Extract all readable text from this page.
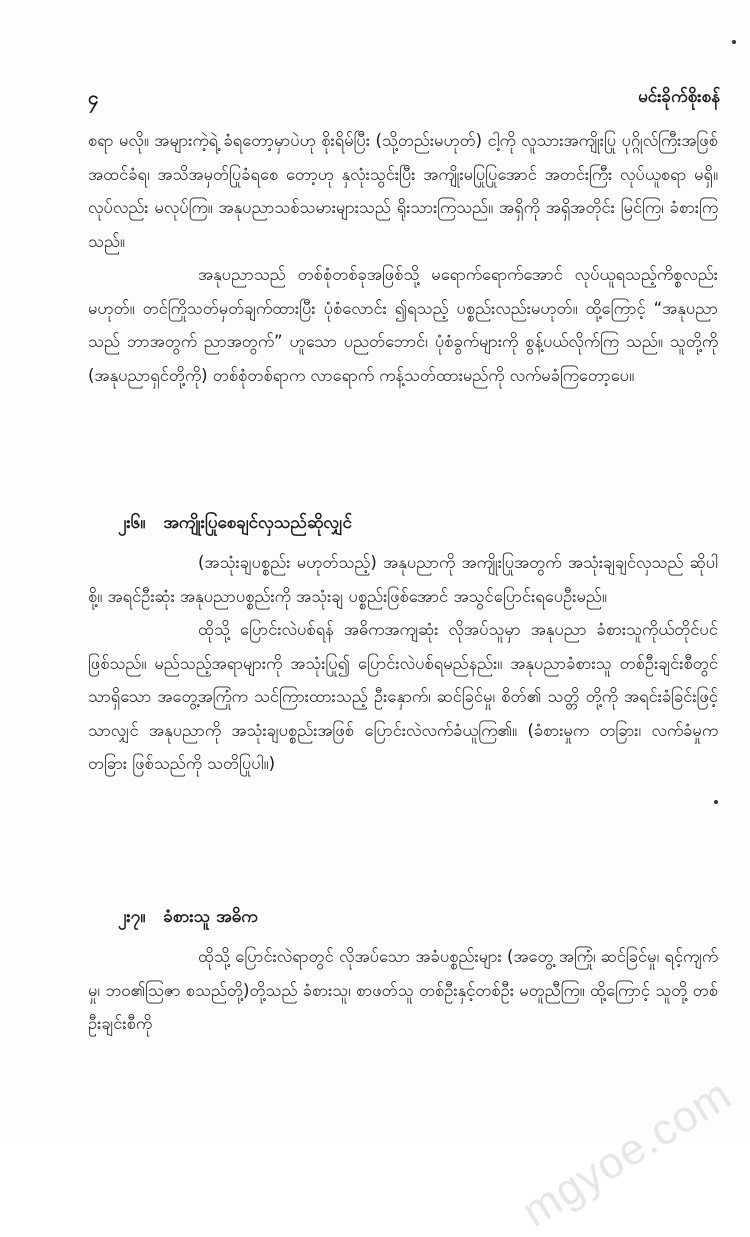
၄	မင်းခိုက်စိုးစန်

စရာ မလို။ အများကဲ့ရဲ့ ခံရတော့မှာပဲဟု စိုးရိမ်ပြီး (သို့တည်းမဟုတ်) ငါ့ကို လူသားအကျိုးပြု ပုဂ္ဂိုလ်ကြီးအဖြစ် အထင်ခံရ၊ အသိအမှတ်ပြုခံရစေ တော့ဟု နှလုံးသွင်းပြီး အကျိုးမပြုပြုအောင် အတင်းကြီး လုပ်ယူစရာ မရှိ။ လုပ်လည်း မလုပ်ကြ။ အနုပညာသစ်သမားများသည် ရိုးသားကြသည်။ အရှိကို အရှိအတိုင်း မြင်ကြ၊ ခံစားကြသည်။

အနုပညာသည် တစ်စုံတစ်ခုအဖြစ်သို့ မရောက်ရောက်အောင် လုပ်ယူရသည့်ကိစ္စလည်းမဟုတ်။ တင်ကြိုသတ်မှတ်ချက်ထားပြီး ပုံစံလောင်း ၍ရသည့် ပစ္စည်းလည်းမဟုတ်။ ထို့ကြောင့် “အနုပညာသည် ဘာအတွက် ညာအတွက်” ဟူသော ပညတ်ဘောင်၊ ပုံစံခွက်များကို စွန့်ပယ်လိုက်ကြ သည်။ သူတို့ကို (အနုပညာရှင်တို့ကို) တစ်စုံတစ်ရာက လာရောက် ကန့်သတ်ထားမည်ကို လက်မခံကြတော့ပေ။

၂း၆။ အကျိုးပြုစေချင်လှသည်ဆိုလျှင်

(အသုံးချပစ္စည်း မဟုတ်သည့်) အနုပညာကို အကျိုးပြုအတွက် အသုံးချချင်လှသည် ဆိုပါစို့။ အရင်ဦးဆုံး အနုပညာပစ္စည်းကို အသုံးချ ပစ္စည်းဖြစ်အောင် အသွင်ပြောင်းရပေဦးမည်။

ထိုသို့ ပြောင်းလဲပစ်ရန် အဓိကအကျဆုံး လိုအပ်သူမှာ အနုပညာ ခံစားသူကိုယ်တိုင်ပင် ဖြစ်သည်။ မည်သည့်အရာများကို အသုံးပြု၍ ပြောင်းလဲပစ်ရမည်နည်း။ အနုပညာခံစားသူ တစ်ဦးချင်းစီတွင်သာရှိသော အတွေ့အကြုံက သင်ကြားထားသည့် ဦးနှောက်၊ ဆင်ခြင်မှု၊ စိတ်၏ သတ္တိ တို့ကို အရင်းခံခြင်းဖြင့်သာလျှင် အနုပညာကို အသုံးချပစ္စည်းအဖြစ် ပြောင်းလဲလက်ခံယူကြ၏။ (ခံစားမှုက တခြား၊ လက်ခံမှုက တခြား ဖြစ်သည်ကို သတိပြုပါ။)

၂း၇။ ခံစားသူ အဓိက

ထိုသို့ ပြောင်းလဲရာတွင် လိုအပ်သော အခံပစ္စည်းများ (အတွေ့ အကြုံ၊ ဆင်ခြင်မှု၊ ရင့်ကျက်မှု၊ ဘဝ၏ဩဇာ စသည်တို့)တို့သည် ခံစားသူ၊ စာဖတ်သူ တစ်ဦးနှင့်တစ်ဦး မတူညီကြ။ ထို့ကြောင့် သူတို့ တစ်ဦးချင်းစီကို

mgyoe.com
